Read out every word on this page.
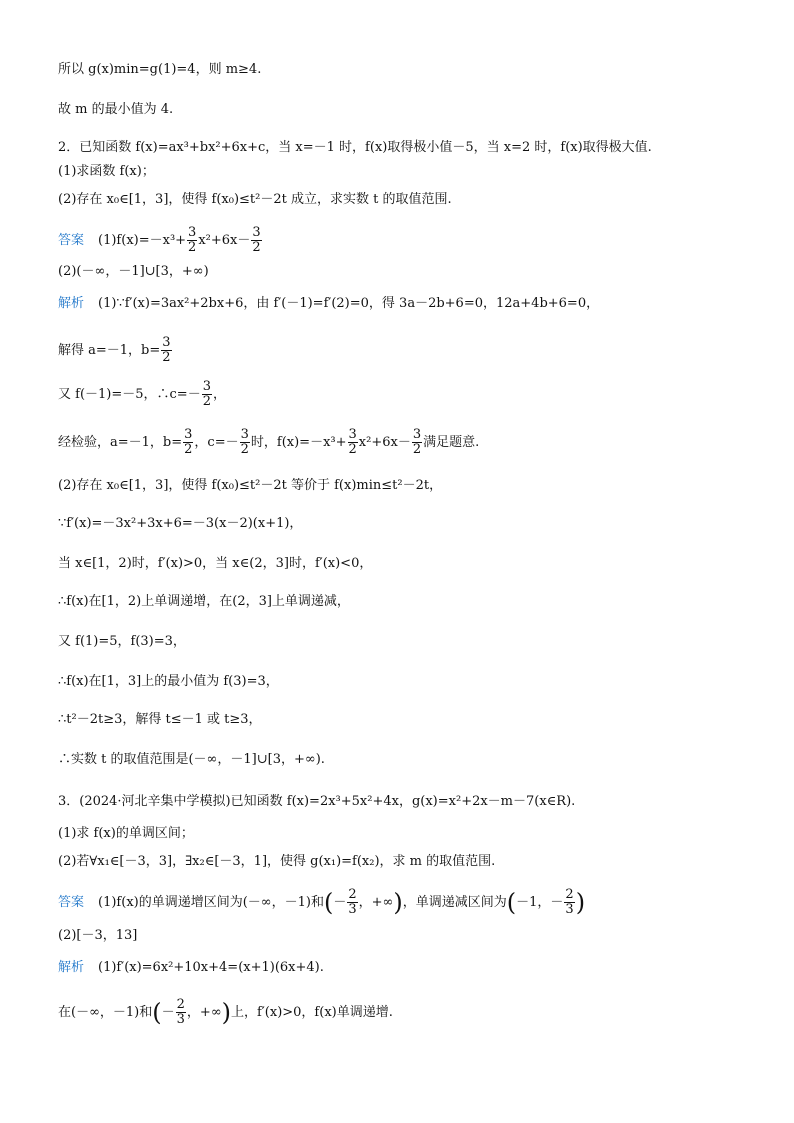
所以 g(x)min=g(1)=4，则 m≥4.
故 m 的最小值为 4.
2．已知函数 f(x)=ax³+bx²+6x+c，当 x=－1 时，f(x)取得极小值－5，当 x=2 时，f(x)取得极大值.
(1)求函数 f(x)；
(2)存在 x₀∈[1，3]，使得 f(x₀)≤t²－2t 成立，求实数 t 的取值范围.
答案 $(1)f(x)=-x^3+ \frac{3}{2} x^2+6x- \frac{3}{2}$
(2)(－∞，－1]∪[3，+∞)
解析 (1)∵f′(x)=3ax²+2bx+6，由 f′(－1)=f′(2)=0，得 3a－2b+6=0，12a+4b+6=0，
解得 a=－1，$b= \frac{3}{2}$
又 f(－1)=－5，∴c=－ $\frac{3}{2}$ ，
经检验，a=－1，$b= \frac{3}{2}$ ，$c=- \frac{3}{2}$ 时，$f(x)=-x^3+ \frac{3}{2} x^2+6x- \frac{3}{2}$ 满足题意.
(2)存在 x₀∈[1，3]，使得 f(x₀)≤t²－2t 等价于 f(x)min≤t²－2t，
∵f′(x)=－3x²+3x+6=－3(x－2)(x+1)，
当 x∈[1，2)时，f′(x)>0，当 x∈(2，3]时，f′(x)<0，
∴f(x)在[1，2)上单调递增，在(2，3]上单调递减，
又 f(1)=5，f(3)=3，
∴f(x)在[1，3]上的最小值为 f(3)=3，
∴t²－2t≥3，解得 t≤－1 或 t≥3，
∴实数 t 的取值范围是(－∞，－1]∪[3，+∞).
3．(2024·河北辛集中学模拟)已知函数 f(x)=2x³+5x²+4x，g(x)=x²+2x－m－7(x∈R).
(1)求 f(x)的单调区间；
(2)若∀x₁∈[－3，3]，∃x₂∈[－3，1]，使得 g(x₁)=f(x₂)，求 m 的取值范围.
答案 (1)f(x)的单调递增区间为(－∞，－1)和(－ $\frac{2}{3}$ ，+∞)，单调递减区间为(－1，－ $\frac{2}{3}$ )
(2)[－3，13]
解析 (1)f′(x)=6x²+10x+4=(x+1)(6x+4).
在(－∞，－1)和(－ $\frac{2}{3}$ ，+∞)上，f′(x)>0，f(x)单调递增.
